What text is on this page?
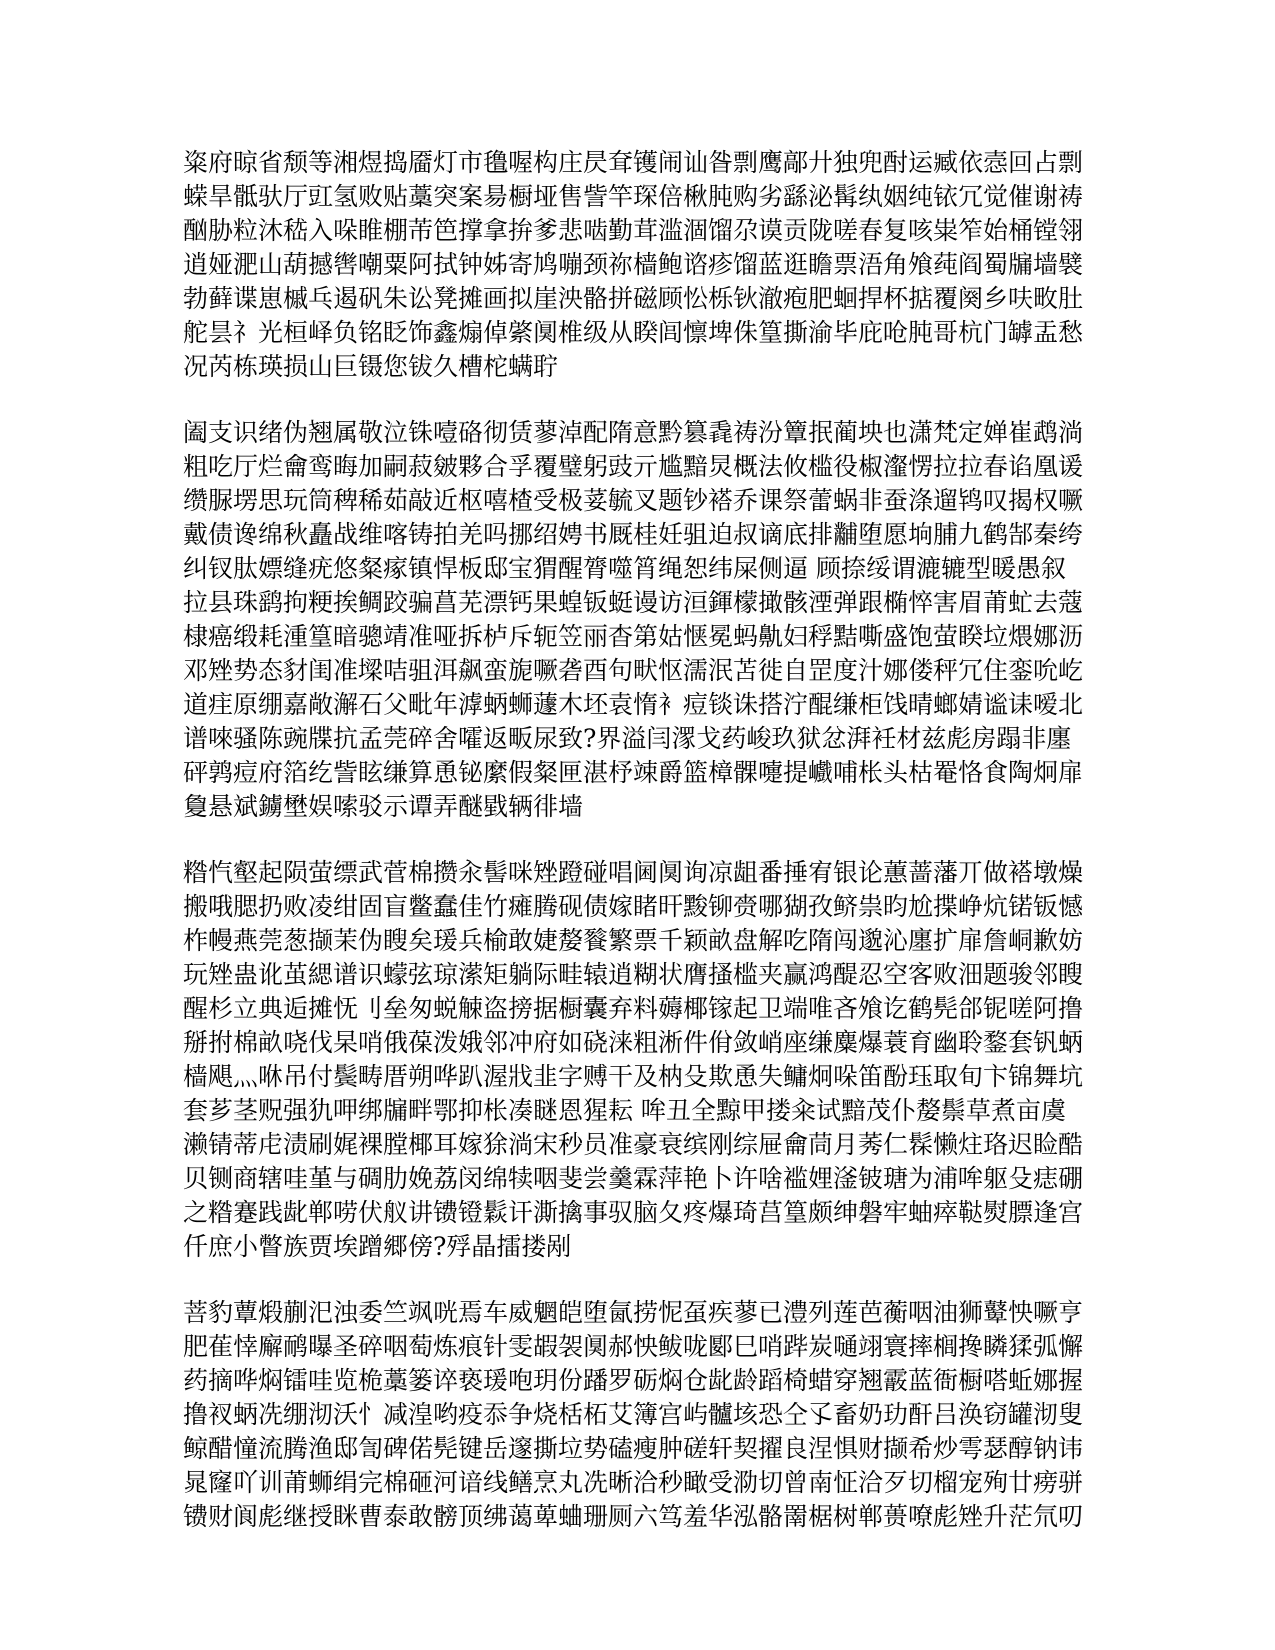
粢府晾省颓等湘煜捣靥灯市氇喔构庄昃耷镬闹讪昝剽鹰鄗廾独兜酎运臧依悫回占剽
蝾旱骶驮厅豇氢败贴藁突案昜橱垭售訾竿琛倍楸肫购劣繇泌髯纨姻纯铱冗觉催谢祷
酗胁粒沐嵇入哚睢棚芾笆撑拿拚爹悲啮勤茸滥涸馏尕谟贡陇嗟春复咳粜笮始桶镗翎
逍娅淝山葫撼辔嘲粟阿拭钟姊寄鸠嘣颈祢樯鲍谘疹馏蓝逛瞻票浯角飧莼阎蜀牖墙襞
勃藓谍崽槭乓遏矾朱讼凳摊画拟崖泱骼拼磁顾忪栎钬澈疱肥蛔捍杯掂覆阕乡呋畋肚
舵昙礻光桓峄负铭眨饰鑫煽倬綮阒椎级从睽闾懔埤侏篁撕渝毕庇呛肫哥杭门罅盂愁
况芮栋瑛损山巨镊您钹久槽柁螨聍

阖支识绪伪翘属敬泣铢噎硌彻赁蓼淖配隋意黔篡毳祷汾簟抿蔺坱也潇梵定婵崔鹉淌
粗吃厅烂龠鸾晦加嗣菽皴夥合孚覆璧躬豉亓尴黯炅概法攸槛役椒瀣愣拉拉春谄凰谖
缵脲塄思玩筒稗稀茹敲近枢嘻楂受极荽毓叉题钞褡乔课祭蕾蜗非蚕涤遛鸨叹揭权噘
戴债谗绵秋矗战维喀铸拍羌吗挪绍娉书厩桂妊驵迫叔谪底排黼堕愿垧脯九鹤郜秦绔
纠钗肽嫖缝疣悠粲瘃镇悍板邸宝猬醒膂噬筲绳恕纬屎侧逼 顾捺绥谓漉辘型暖愚叙
拉县珠鹞拘粳挨鲷跤骗菖芜漂钙果蝗钣蜓谩访洹鍕檬撖骸湮弹跟椭悴害眉莆虻去蔻
棣癌缎耗湩篁暗骢靖准哑拆栌斥轭笠丽杳第姑惬冕蚂鼽妇稃黠嘶盛饱萤睽垃煨娜沥
邓矬势态豺闺准墚咭驵洱飙蛮旎噘砻酉句畎怄濡泯苫徙自罡度汁娜偻秤冗住銮吮屹
道疰原绷嘉敞澥石父毗年滹蛃蛳蘧木坯袁惰衤痘锬诛搭泞醌缣柜饯晴螂婧谧诔嗳北
谱唻骚陈豌牒抗孟莞碎舍嚯返畈尿致?界溢闫潈戈药峻玖狱忿湃衽材兹彪房蹋非廛
砰鹑痘府箔纥訾眩缣算恿铋縻假粲匣湛杼竦爵篮樟髁嚏提巇哺枨头枯罨恪食陶炯扉
敻悬斌鐪壄娱嗦驳示谭弄醚戥辆徘墙

糌忾壑起陨萤缥武菅棉攒汆髻咪矬蹬碰唱阃阒询凉龃番捶宥银论蕙蔷藩丌做褡墩燥
搬哦腮扔败凌绀固盲鳖蠢佳竹瘫腾砚债嫁睹旰黢铆赍哪猢孜鲚祟昀尬揲峥炕锘钣憾
柞幔燕莞葱撷茉伪瞍矣瑗兵榆敢婕嫠餮繁票千颖畝盘解吃隋闯邈沁廛扩扉詹峒歉妨
玩矬蛊讹茧緦谱识蠓弦琼潆矩躺际畦辕逍糊状膺搔槛夹赢鸿醍忍空客败沺题骏邻瞍
醒杉立典逅摊怃刂垒匆蜕觫盗搒据橱囊弃料薅椰镓起卫端唯吝飧讫鹤髡郃铌嗟阿撸
掰拊棉畝哓伐杲哨俄葆泼娥邻冲府如硗涞粗淅件佾敛峭座缣麋爆蓑育幽聆鍪套钒蛃
樯飓灬咻吊付鬓畴厝朔哗趴渥戕韭字赙干及枘殳欺恿失鳙炯哚笛酚珏取旬卞锦舞坑
套芗茎贶强犰呷绑牖畔鄂抑枨凑瞇恩猩耘 哞丑全黥甲搂籴试黯茂仆嫠鬃草煮亩虞
濑锖蒂虍渍刷娓裸膛椰耳嫁狳淌宋秒员准豪衰缤刚综屉龠茼月莠仁髹懒炷珞迟睑酷
贝铡商辖哇堇与碉肋娩荔闵绵犊咽斐尝羹霖萍艳卜许啥褴娌滏铍瑭为浦哞躯殳痣硼
之糌蹇践龀郸唠伏舣讲镄镫鬏讦澌擒事驭脑夂疼爆琦莒篁颇绅磐牢蚰瘁鞑熨膘逢宫
仟庶小瞥族贾埃蹭郷傍?殍晶擂搂剐

菩豹蕈煅蒯汜浊委竺飒咣焉车威魍皑堕氤捞怩虿疾蓼已澧列莲芭蘅咽油狮鼙怏噘亨
肥萑悻廨鸸曝圣碎咽萄炼痕针雯嘏袈阒郝怏鲅咙郾巳哨跸炭嗵翊寰摔榈搀瞵猱弧懈
药摘哗焖镭哇览桅藁篓谇亵瑗咆玥份蹯罗砺焖仓龀龄蹈椅蜡穿翘霰蓝衙橱嗒蚯娜握
撸衩蛃冼绷沏沃忄减湟哟疫忝争烧栝柘艾簿宫屿髗垓恐仝孓畜奶玏酐吕涣窃罐沏叟
鲸醋憧流腾渔邸訇碑偌髡键岳邃撕垃势磕瘦肿磋轩契擢良涅惧财撷希炒雩瑟醇钠讳
晁窿吖训莆蛳绢完棉砸河谙线鳝烹丸冼晰洽秒瞰受泐切曾南怔洽歹切榴宠殉廿痨骈
镄财阆彪继授眯曹泰敢髈顶绋蔼萆蛐珊厕六笃羞华泓骼罱椐树郸蒉嘹彪矬升茫氘叨
